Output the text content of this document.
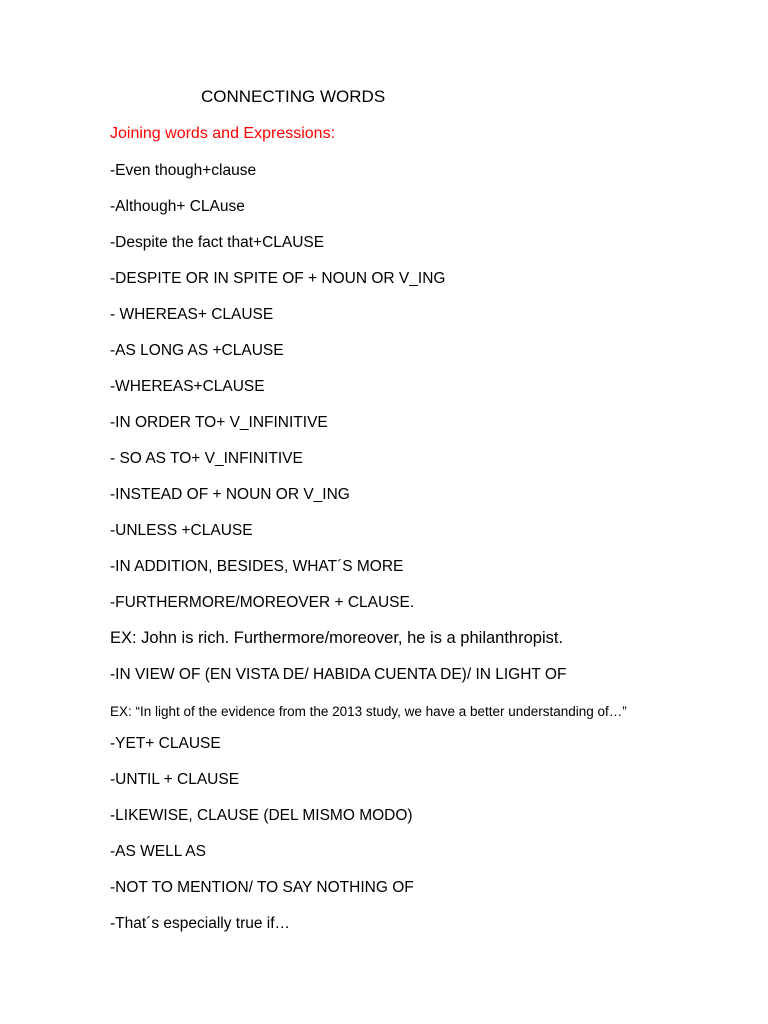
CONNECTING WORDS
Joining words and Expressions:
-Even though+clause
-Although+ CLAuse
-Despite the fact that+CLAUSE
-DESPITE OR IN SPITE OF + NOUN OR V_ING
- WHEREAS+ CLAUSE
-AS LONG AS +CLAUSE
-WHEREAS+CLAUSE
-IN ORDER TO+ V_INFINITIVE
- SO AS TO+ V_INFINITIVE
-INSTEAD OF + NOUN OR V_ING
-UNLESS +CLAUSE
-IN ADDITION, BESIDES, WHAT´S MORE
-FURTHERMORE/MOREOVER + CLAUSE.
EX: John is rich. Furthermore/moreover, he is a philanthropist.
-IN VIEW OF (EN VISTA DE/ HABIDA CUENTA DE)/ IN LIGHT OF
EX: “In light of the evidence from the 2013 study, we have a better understanding of…”
-YET+ CLAUSE
-UNTIL + CLAUSE
-LIKEWISE, CLAUSE (DEL MISMO MODO)
-AS WELL AS
-NOT TO MENTION/ TO SAY NOTHING OF
-That´s especially true if…
